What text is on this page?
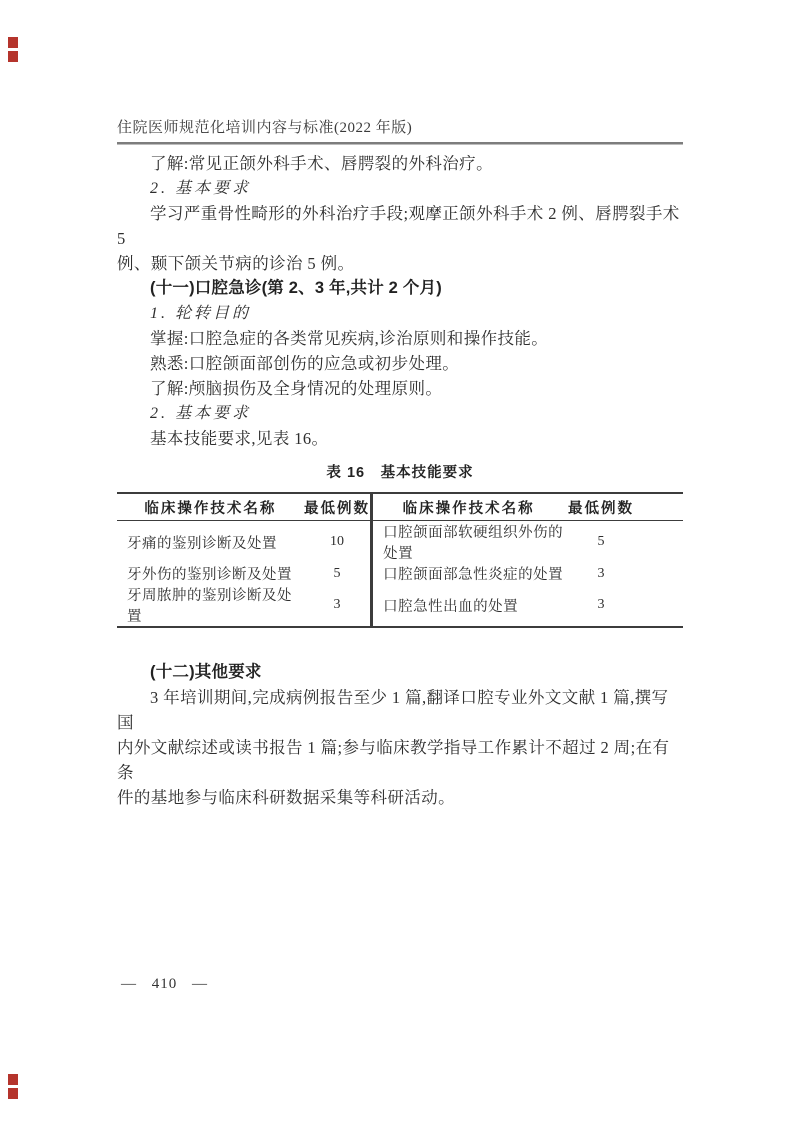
住院医师规范化培训内容与标准(2022 年版)

了解:常见正颌外科手术、唇腭裂的外科治疗。

2. 基本要求

学习严重骨性畸形的外科治疗手段;观摩正颌外科手术 2 例、唇腭裂手术 5

例、颞下颌关节病的诊治 5 例。

(十一)口腔急诊(第 2、3 年,共计 2 个月)

1. 轮转目的

掌握:口腔急症的各类常见疾病,诊治原则和操作技能。

熟悉:口腔颌面部创伤的应急或初步处理。

了解:颅脑损伤及全身情况的处理原则。

2. 基本要求

基本技能要求,见表 16。

表 16　基本技能要求
临床操作技术名称	最低例数	临床操作技术名称	最低例数
牙痛的鉴别诊断及处置	10	口腔颌面部软硬组织外伤的处置	5
牙外伤的鉴别诊断及处置	5	口腔颌面部急性炎症的处置	3
牙周脓肿的鉴别诊断及处置	3	口腔急性出血的处置	3

(十二)其他要求

3 年培训期间,完成病例报告至少 1 篇,翻译口腔专业外文文献 1 篇,撰写国

内外文献综述或读书报告 1 篇;参与临床教学指导工作累计不超过 2 周;在有条

件的基地参与临床科研数据采集等科研活动。

— 410 —
